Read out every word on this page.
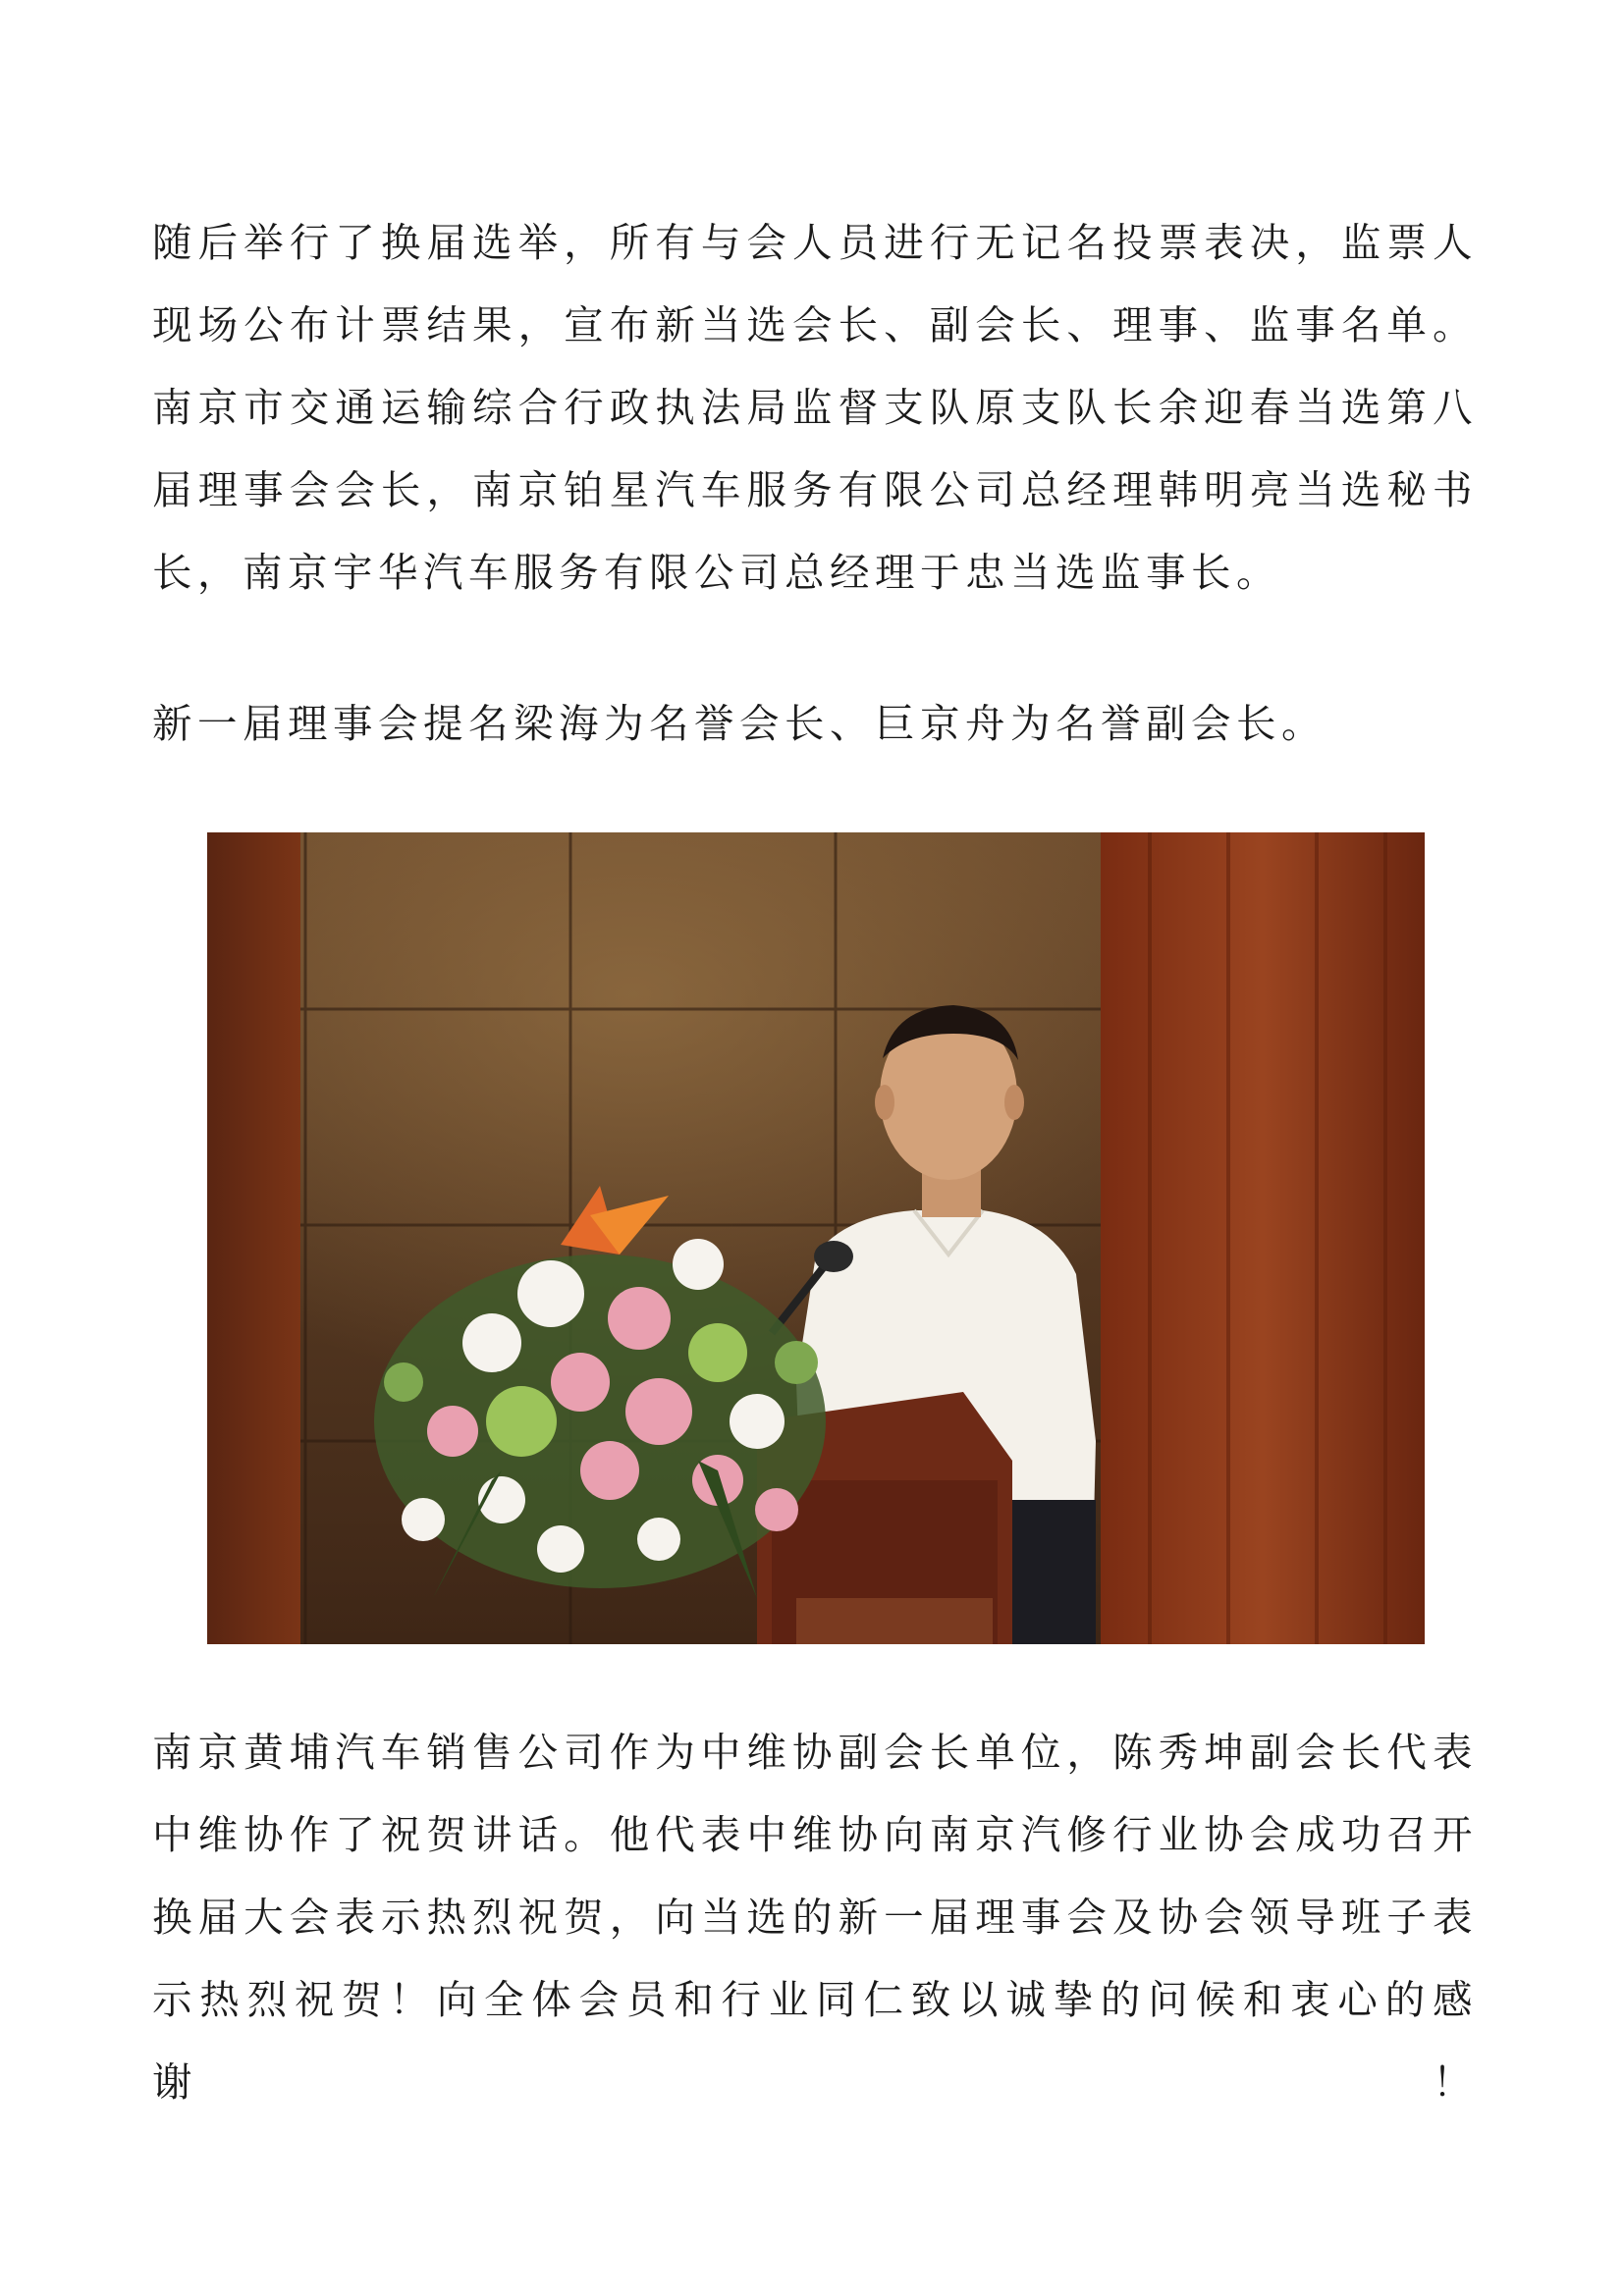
随后举行了换届选举，所有与会人员进行无记名投票表决，监票人
现场公布计票结果，宣布新当选会长、副会长、理事、监事名单。
南京市交通运输综合行政执法局监督支队原支队长余迎春当选第八
届理事会会长，南京铂星汽车服务有限公司总经理韩明亮当选秘书
长，南京宇华汽车服务有限公司总经理于忠当选监事长。
新一届理事会提名梁海为名誉会长、巨京舟为名誉副会长。
南京黄埔汽车销售公司作为中维协副会长单位，陈秀坤副会长代表
中维协作了祝贺讲话。他代表中维协向南京汽修行业协会成功召开
换届大会表示热烈祝贺，向当选的新一届理事会及协会领导班子表
示热烈祝贺！向全体会员和行业同仁致以诚挚的问候和衷心的感谢！
